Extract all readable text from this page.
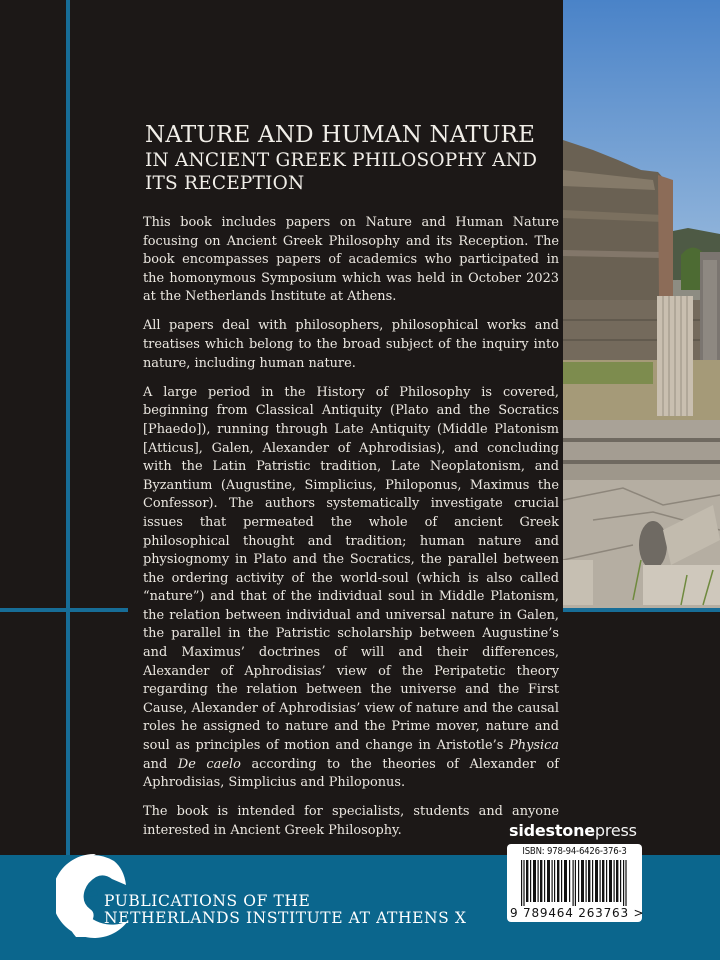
NATURE AND HUMAN NATURE
IN ANCIENT GREEK PHILOSOPHY AND
ITS RECEPTION

This book includes papers on Nature and Human Nature focusing on Ancient Greek Philosophy and its Reception. The book encompasses papers of academics who participated in the homonymous Symposium which was held in October 2023 at the Netherlands Institute at Athens.

All papers deal with philosophers, philosophical works and treatises which belong to the broad subject of the inquiry into nature, including human nature.

A large period in the History of Philosophy is covered, beginning from Classical Antiquity (Plato and the Socratics [Phaedo]), running through Late Antiquity (Middle Platonism [Atticus], Galen, Alexander of Aphrodisias), and concluding with the Latin Patristic tradition, Late Neoplatonism, and Byzantium (Augustine, Simplicius, Philoponus, Maximus the Confessor). The authors systematically investigate crucial issues that permeated the whole of ancient Greek philosophical thought and tradition; human nature and physiognomy in Plato and the Socratics, the parallel between the ordering activity of the world-soul (which is also called “nature”) and that of the individual soul in Middle Platonism, the relation between individual and universal nature in Galen, the parallel in the Patristic scholarship between Augustine’s and Maximus’ doctrines of will and their differences, Alexander of Aphrodisias’ view of the Peripatetic theory regarding the relation between the universe and the First Cause, Alexander of Aphrodisias’ view of nature and the causal roles he assigned to nature and the Prime mover, nature and soul as principles of motion and change in Aristotle’s Physica and De caelo according to the theories of Alexander of Aphrodisias, Simplicius and Philoponus.

The book is intended for specialists, students and anyone interested in Ancient Greek Philosophy.

PUBLICATIONS OF THE
NETHERLANDS INSTITUTE AT ATHENS X
sidestonepress
ISBN: 978-94-6426-376-3
9 789464 263763 >
